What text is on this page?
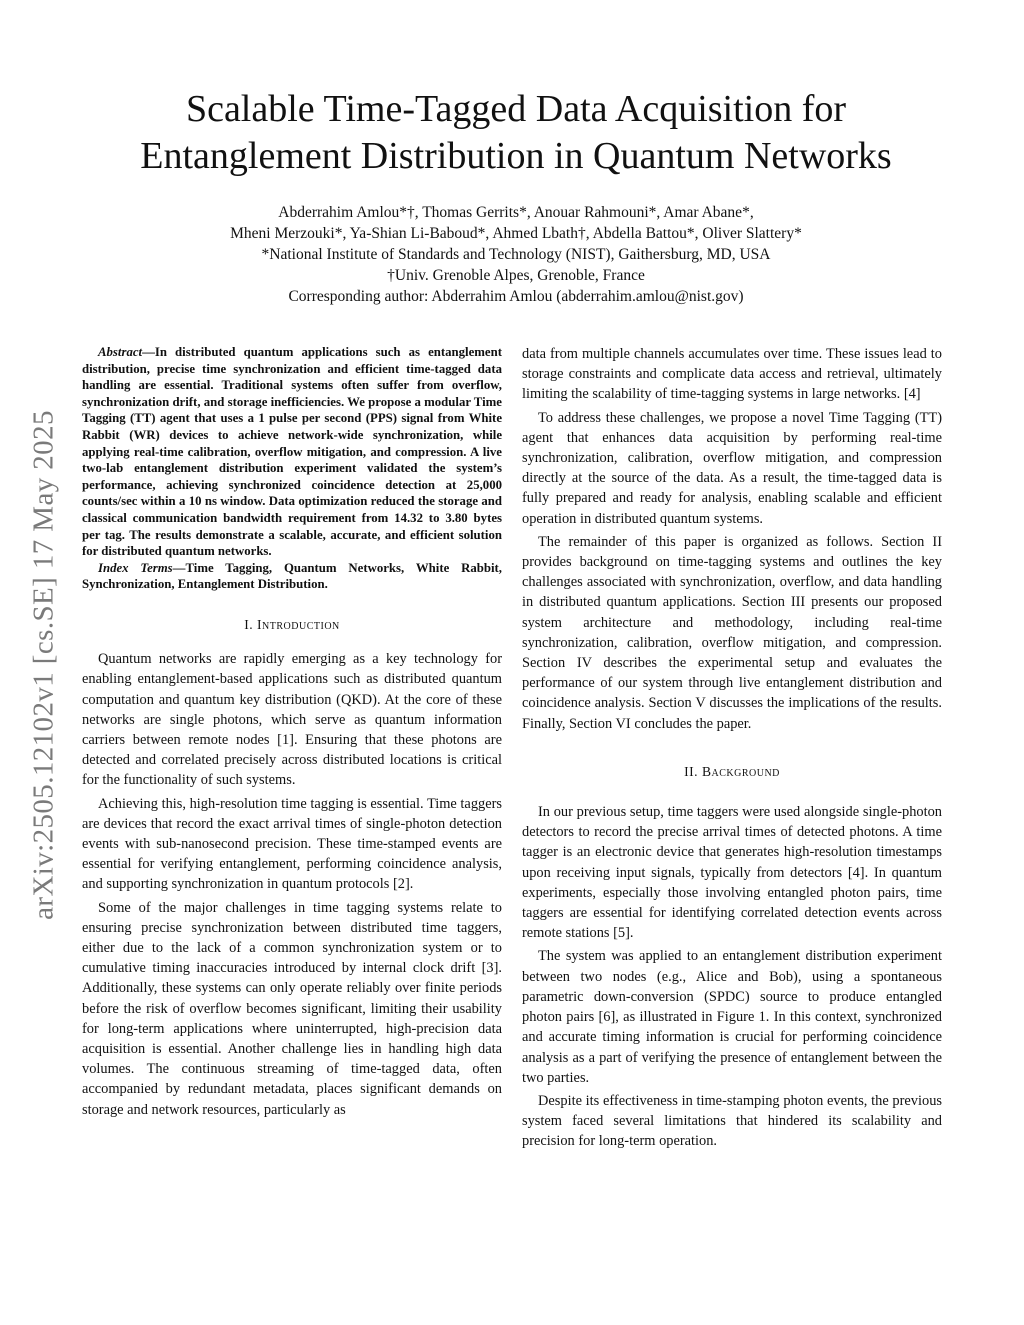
arXiv:2505.12102v1 [cs.SE] 17 May 2025
Scalable Time-Tagged Data Acquisition for
Entanglement Distribution in Quantum Networks
Abderrahim Amlou*†, Thomas Gerrits*, Anouar Rahmouni*, Amar Abane*,
Mheni Merzouki*, Ya-Shian Li-Baboud*, Ahmed Lbath†, Abdella Battou*, Oliver Slattery*
*National Institute of Standards and Technology (NIST), Gaithersburg, MD, USA
†Univ. Grenoble Alpes, Grenoble, France
Corresponding author: Abderrahim Amlou (abderrahim.amlou@nist.gov)

Abstract—In distributed quantum applications such as entanglement distribution, precise time synchronization and efficient time-tagged data handling are essential. Traditional systems often suffer from overflow, synchronization drift, and storage inefficiencies. We propose a modular Time Tagging (TT) agent that uses a 1 pulse per second (PPS) signal from White Rabbit (WR) devices to achieve network-wide synchronization, while applying real-time calibration, overflow mitigation, and compression. A live two-lab entanglement distribution experiment validated the system’s performance, achieving synchronized coincidence detection at 25,000 counts/sec within a 10 ns window. Data optimization reduced the storage and classical communication bandwidth requirement from 14.32 to 3.80 bytes per tag. The results demonstrate a scalable, accurate, and efficient solution for distributed quantum networks.

Index Terms—Time Tagging, Quantum Networks, White Rabbit, Synchronization, Entanglement Distribution.

I. Introduction

Quantum networks are rapidly emerging as a key technology for enabling entanglement-based applications such as distributed quantum computation and quantum key distribution (QKD). At the core of these networks are single photons, which serve as quantum information carriers between remote nodes [1]. Ensuring that these photons are detected and correlated precisely across distributed locations is critical for the functionality of such systems.

Achieving this, high-resolution time tagging is essential. Time taggers are devices that record the exact arrival times of single-photon detection events with sub-nanosecond precision. These time-stamped events are essential for verifying entanglement, performing coincidence analysis, and supporting synchronization in quantum protocols [2].

Some of the major challenges in time tagging systems relate to ensuring precise synchronization between distributed time taggers, either due to the lack of a common synchronization system or to cumulative timing inaccuracies introduced by internal clock drift [3]. Additionally, these systems can only operate reliably over finite periods before the risk of overflow becomes significant, limiting their usability for long-term applications where uninterrupted, high-precision data acquisition is essential. Another challenge lies in handling high data volumes. The continuous streaming of time-tagged data, often accompanied by redundant metadata, places significant demands on storage and network resources, particularly as

data from multiple channels accumulates over time. These issues lead to storage constraints and complicate data access and retrieval, ultimately limiting the scalability of time-tagging systems in large networks. [4]

To address these challenges, we propose a novel Time Tagging (TT) agent that enhances data acquisition by performing real-time synchronization, calibration, overflow mitigation, and compression directly at the source of the data. As a result, the time-tagged data is fully prepared and ready for analysis, enabling scalable and efficient operation in distributed quantum systems.

The remainder of this paper is organized as follows. Section II provides background on time-tagging systems and outlines the key challenges associated with synchronization, overflow, and data handling in distributed quantum applications. Section III presents our proposed system architecture and methodology, including real-time synchronization, calibration, overflow mitigation, and compression. Section IV describes the experimental setup and evaluates the performance of our system through live entanglement distribution and coincidence analysis. Section V discusses the implications of the results. Finally, Section VI concludes the paper.

II. Background

In our previous setup, time taggers were used alongside single-photon detectors to record the precise arrival times of detected photons. A time tagger is an electronic device that generates high-resolution timestamps upon receiving input signals, typically from detectors [4]. In quantum experiments, especially those involving entangled photon pairs, time taggers are essential for identifying correlated detection events across remote stations [5].

The system was applied to an entanglement distribution experiment between two nodes (e.g., Alice and Bob), using a spontaneous parametric down-conversion (SPDC) source to produce entangled photon pairs [6], as illustrated in Figure 1. In this context, synchronized and accurate timing information is crucial for performing coincidence analysis as a part of verifying the presence of entanglement between the two parties.

Despite its effectiveness in time-stamping photon events, the previous system faced several limitations that hindered its scalability and precision for long-term operation.
